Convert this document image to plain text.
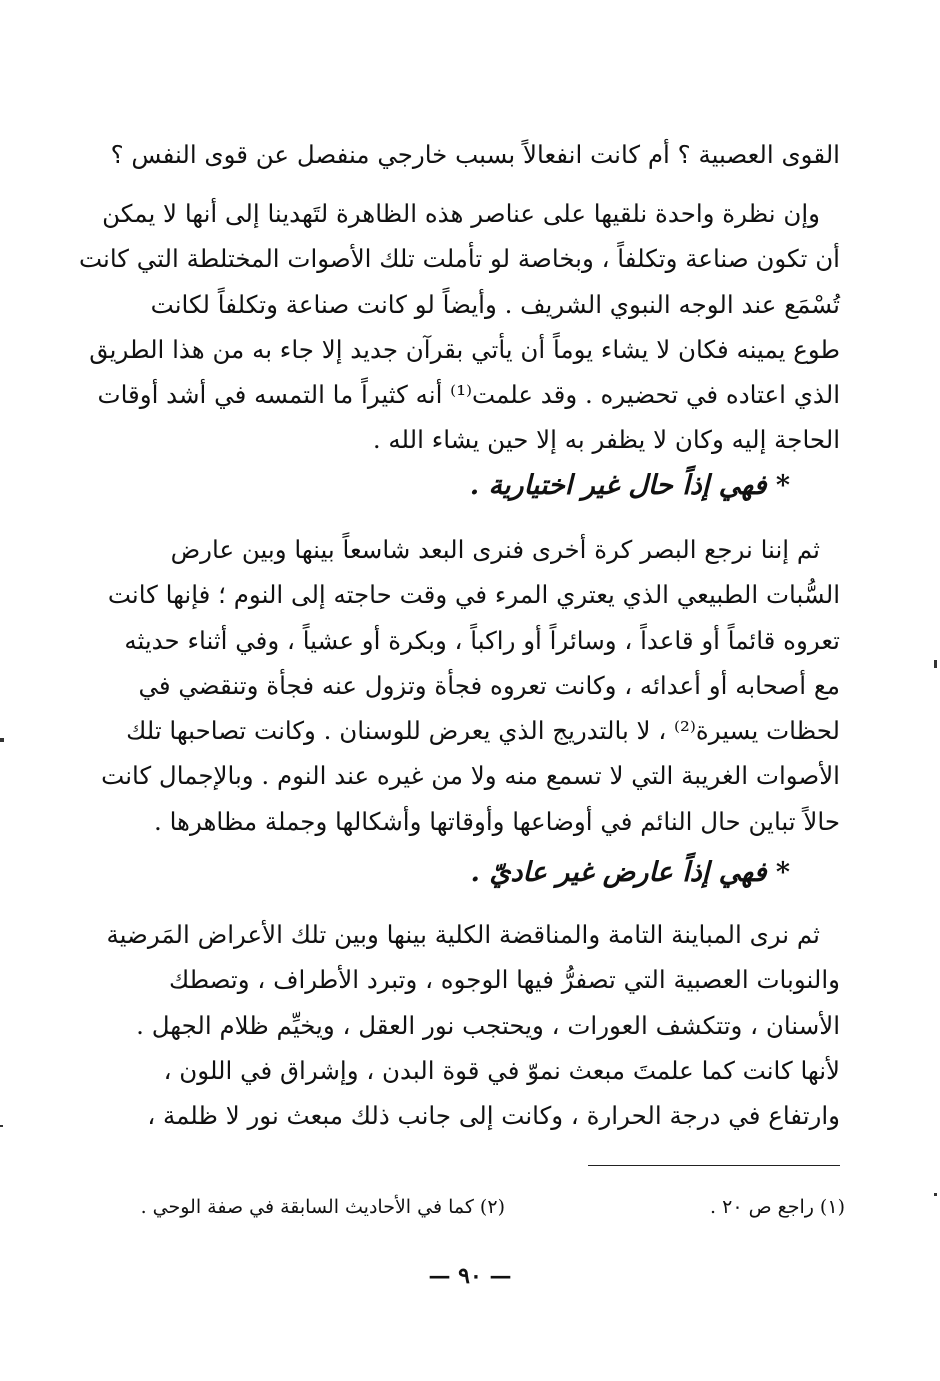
القوى العصبية ؟ أم كانت انفعالاً بسبب خارجي منفصل عن قوى النفس ؟
وإن نظرة واحدة نلقيها على عناصر هذه الظاهرة لتَهدينا إلى أنها لا يمكن
أن تكون صناعة وتكلفاً ، وبخاصة لو تأملت تلك الأصوات المختلطة التي كانت
تُسْمَع عند الوجه النبوي الشريف . وأيضاً لو كانت صناعة وتكلفاً لكانت
طوع يمينه فكان لا يشاء يوماً أن يأتي بقرآن جديد إلا جاء به من هذا الطريق
الذي اعتاده في تحضيره . وقد علمت⁽¹⁾ أنه كثيراً ما التمسه في أشد أوقات
الحاجة إليه وكان لا يظفر به إلا حين يشاء الله .
* فهي إذاً حال غير اختيارية .
ثم إننا نرجع البصر كرة أخرى فنرى البعد شاسعاً بينها وبين عارض
السُّبات الطبيعي الذي يعتري المرء في وقت حاجته إلى النوم ؛ فإنها كانت
تعروه قائماً أو قاعداً ، وسائراً أو راكباً ، وبكرة أو عشياً ، وفي أثناء حديثه
مع أصحابه أو أعدائه ، وكانت تعروه فجأة وتزول عنه فجأة وتنقضي في
لحظات يسيرة⁽²⁾ ، لا بالتدريج الذي يعرض للوسنان . وكانت تصاحبها تلك
الأصوات الغريبة التي لا تسمع منه ولا من غيره عند النوم . وبالإجمال كانت
حالاً تباين حال النائم في أوضاعها وأوقاتها وأشكالها وجملة مظاهرها .
* فهي إذاً عارض غير عاديّ .
ثم نرى المباينة التامة والمناقضة الكلية بينها وبين تلك الأعراض المَرضية
والنوبات العصبية التي تصفرُّ فيها الوجوه ، وتبرد الأطراف ، وتصطك
الأسنان ، وتتكشف العورات ، ويحتجب نور العقل ، ويخيِّم ظلام الجهل .
لأنها كانت كما علمتَ مبعث نموّ في قوة البدن ، وإشراق في اللون ،
وارتفاع في درجة الحرارة ، وكانت إلى جانب ذلك مبعث نور لا ظلمة ،
(١) راجع ص ٢٠ .
(٢) كما في الأحاديث السابقة في صفة الوحي .
— ٩٠ —
